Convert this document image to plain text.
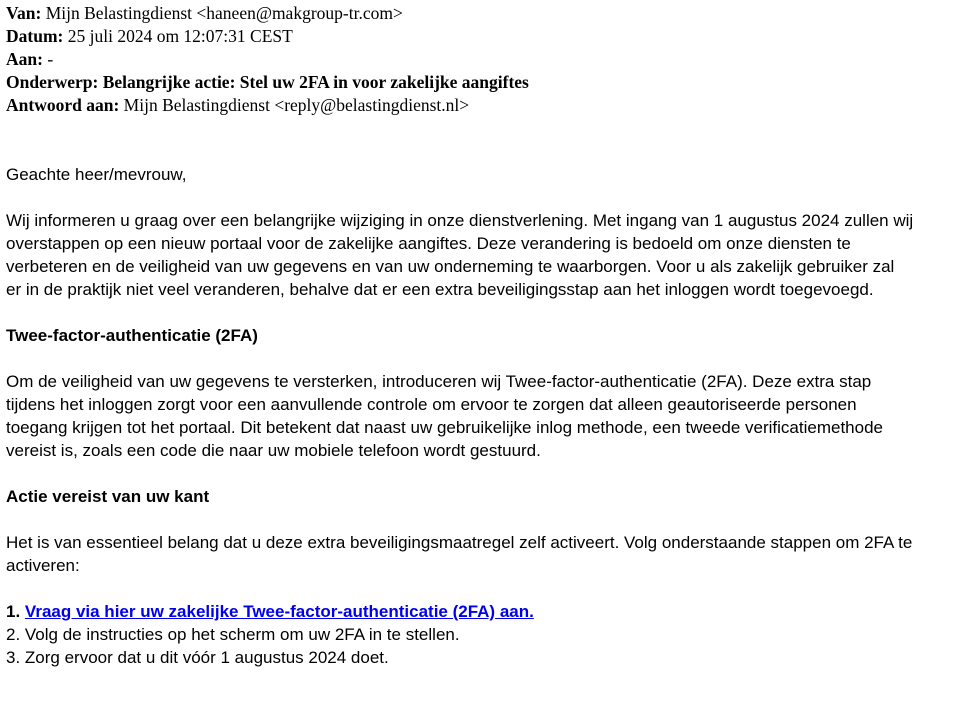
Van: Mijn Belastingdienst <haneen@makgroup-tr.com>
Datum: 25 juli 2024 om 12:07:31 CEST
Aan: -
Onderwerp: Belangrijke actie: Stel uw 2FA in voor zakelijke aangiftes
Antwoord aan: Mijn Belastingdienst <reply@belastingdienst.nl>

Geachte heer/mevrouw,

Wij informeren u graag over een belangrijke wijziging in onze dienstverlening. Met ingang van 1 augustus 2024 zullen wij overstappen op een nieuw portaal voor de zakelijke aangiftes. Deze verandering is bedoeld om onze diensten te verbeteren en de veiligheid van uw gegevens en van uw onderneming te waarborgen. Voor u als zakelijk gebruiker zal er in de praktijk niet veel veranderen, behalve dat er een extra beveiligingsstap aan het inloggen wordt toegevoegd.

Twee-factor-authenticatie (2FA)

Om de veiligheid van uw gegevens te versterken, introduceren wij Twee-factor-authenticatie (2FA). Deze extra stap tijdens het inloggen zorgt voor een aanvullende controle om ervoor te zorgen dat alleen geautoriseerde personen toegang krijgen tot het portaal. Dit betekent dat naast uw gebruikelijke inlog methode, een tweede verificatiemethode vereist is, zoals een code die naar uw mobiele telefoon wordt gestuurd.

Actie vereist van uw kant

Het is van essentieel belang dat u deze extra beveiligingsmaatregel zelf activeert. Volg onderstaande stappen om 2FA te activeren:

1. Vraag via hier uw zakelijke Twee-factor-authenticatie (2FA) aan.
2. Volg de instructies op het scherm om uw 2FA in te stellen.
3. Zorg ervoor dat u dit vóór 1 augustus 2024 doet.
